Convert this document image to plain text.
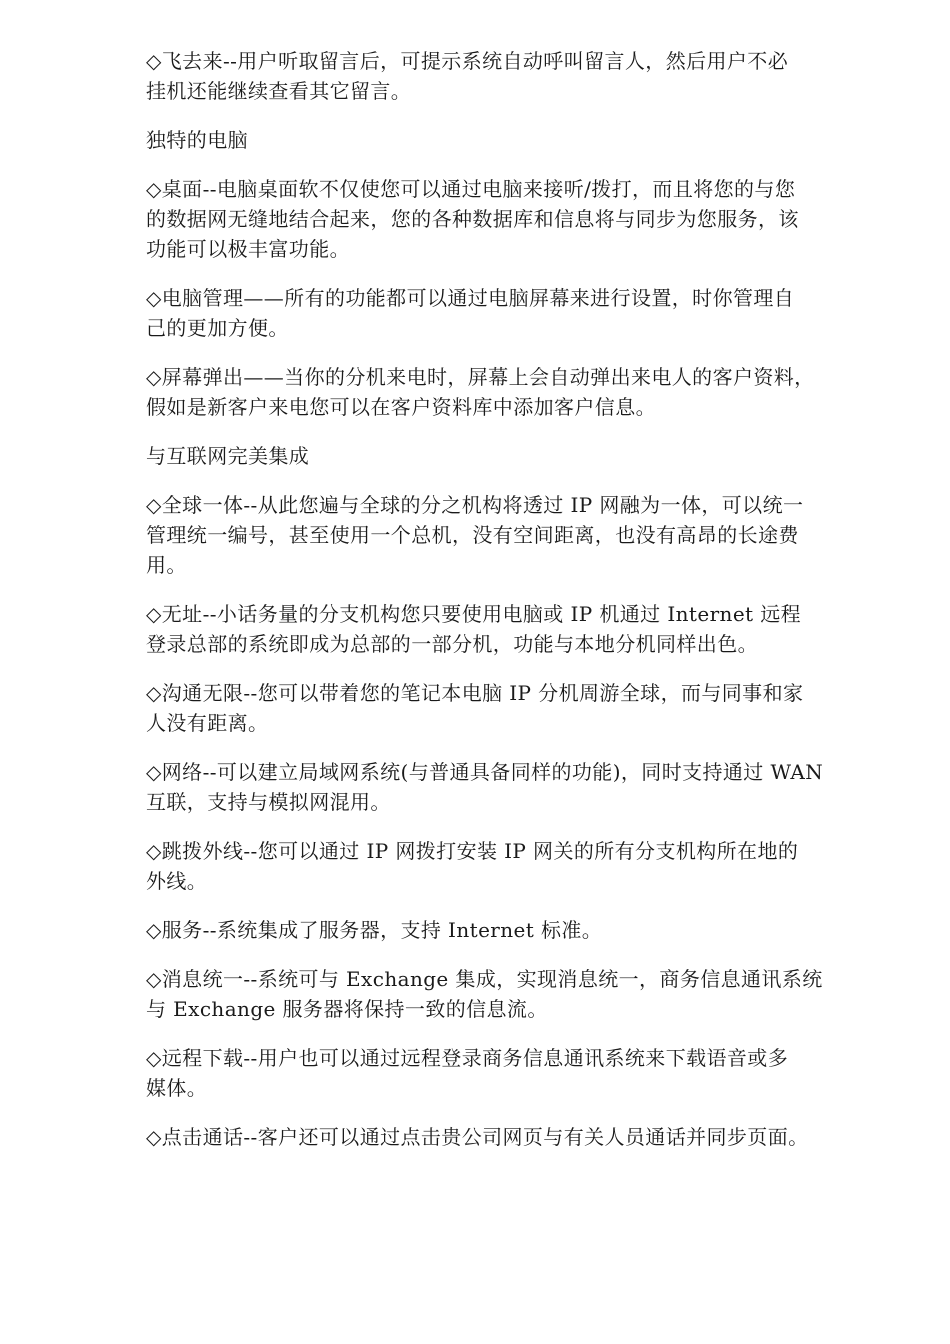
◇飞去来--用户听取留言后，可提示系统自动呼叫留言人，然后用户不必
挂机还能继续查看其它留言。

独特的电脑

◇桌面--电脑桌面软不仅使您可以通过电脑来接听/拨打，而且将您的与您
的数据网无缝地结合起来，您的各种数据库和信息将与同步为您服务，该
功能可以极丰富功能。

◇电脑管理——所有的功能都可以通过电脑屏幕来进行设置，时你管理自
己的更加方便。

◇屏幕弹出——当你的分机来电时，屏幕上会自动弹出来电人的客户资料，
假如是新客户来电您可以在客户资料库中添加客户信息。

与互联网完美集成

◇全球一体--从此您遍与全球的分之机构将透过 IP 网融为一体，可以统一
管理统一编号，甚至使用一个总机，没有空间距离，也没有高昂的长途费
用。

◇无址--小话务量的分支机构您只要使用电脑或 IP 机通过 Internet 远程
登录总部的系统即成为总部的一部分机，功能与本地分机同样出色。

◇沟通无限--您可以带着您的笔记本电脑 IP 分机周游全球，而与同事和家
人没有距离。

◇网络--可以建立局域网系统(与普通具备同样的功能)，同时支持通过 WAN
互联，支持与模拟网混用。

◇跳拨外线--您可以通过 IP 网拨打安装 IP 网关的所有分支机构所在地的
外线。

◇服务--系统集成了服务器，支持 Internet 标准。

◇消息统一--系统可与 Exchange 集成，实现消息统一，商务信息通讯系统
与 Exchange 服务器将保持一致的信息流。

◇远程下载--用户也可以通过远程登录商务信息通讯系统来下载语音或多
媒体。

◇点击通话--客户还可以通过点击贵公司网页与有关人员通话并同步页面。
